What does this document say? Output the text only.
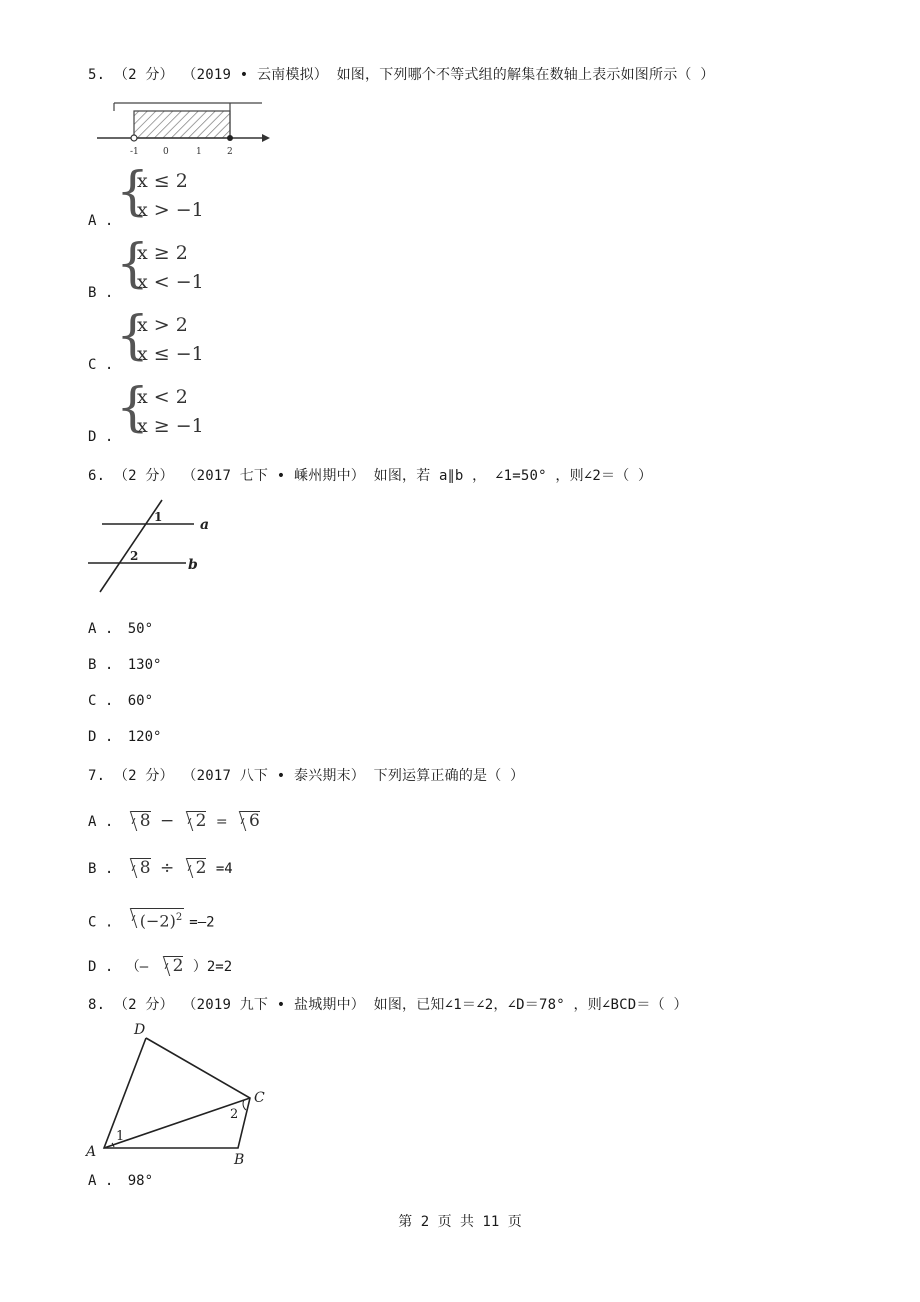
5. （2 分） （2019 • 云南模拟） 如图，下列哪个不等式组的解集在数轴上表示如图所示（ ）
-1	0	1	2
A . {
x ≤ 2
x > −1
B . {
x ≥ 2
x < −1
C . {
x > 2
x ≤ −1
D . {
x < 2
x ≥ −1
6. （2 分） （2017 七下 • 嵊州期中） 如图，若 a∥b ， ∠1=50° ，则∠2＝（ ）
1
2
a
b
A . 50°
B . 130°
C . 60°
D . 120°
7. （2 分） （2017 八下 • 泰兴期末） 下列运算正确的是（ ）
A . 8 − 2 = 6
B . 8 ÷ 2 =4
C . $(-2)^2$ =—2
D . （— 2 ）2=2
8. （2 分） （2019 九下 • 盐城期中） 如图，已知∠1＝∠2，∠D＝78° ，则∠BCD＝（ ）
D
C
A	B
1
2
A . 98°
第 2 页 共 11 页
